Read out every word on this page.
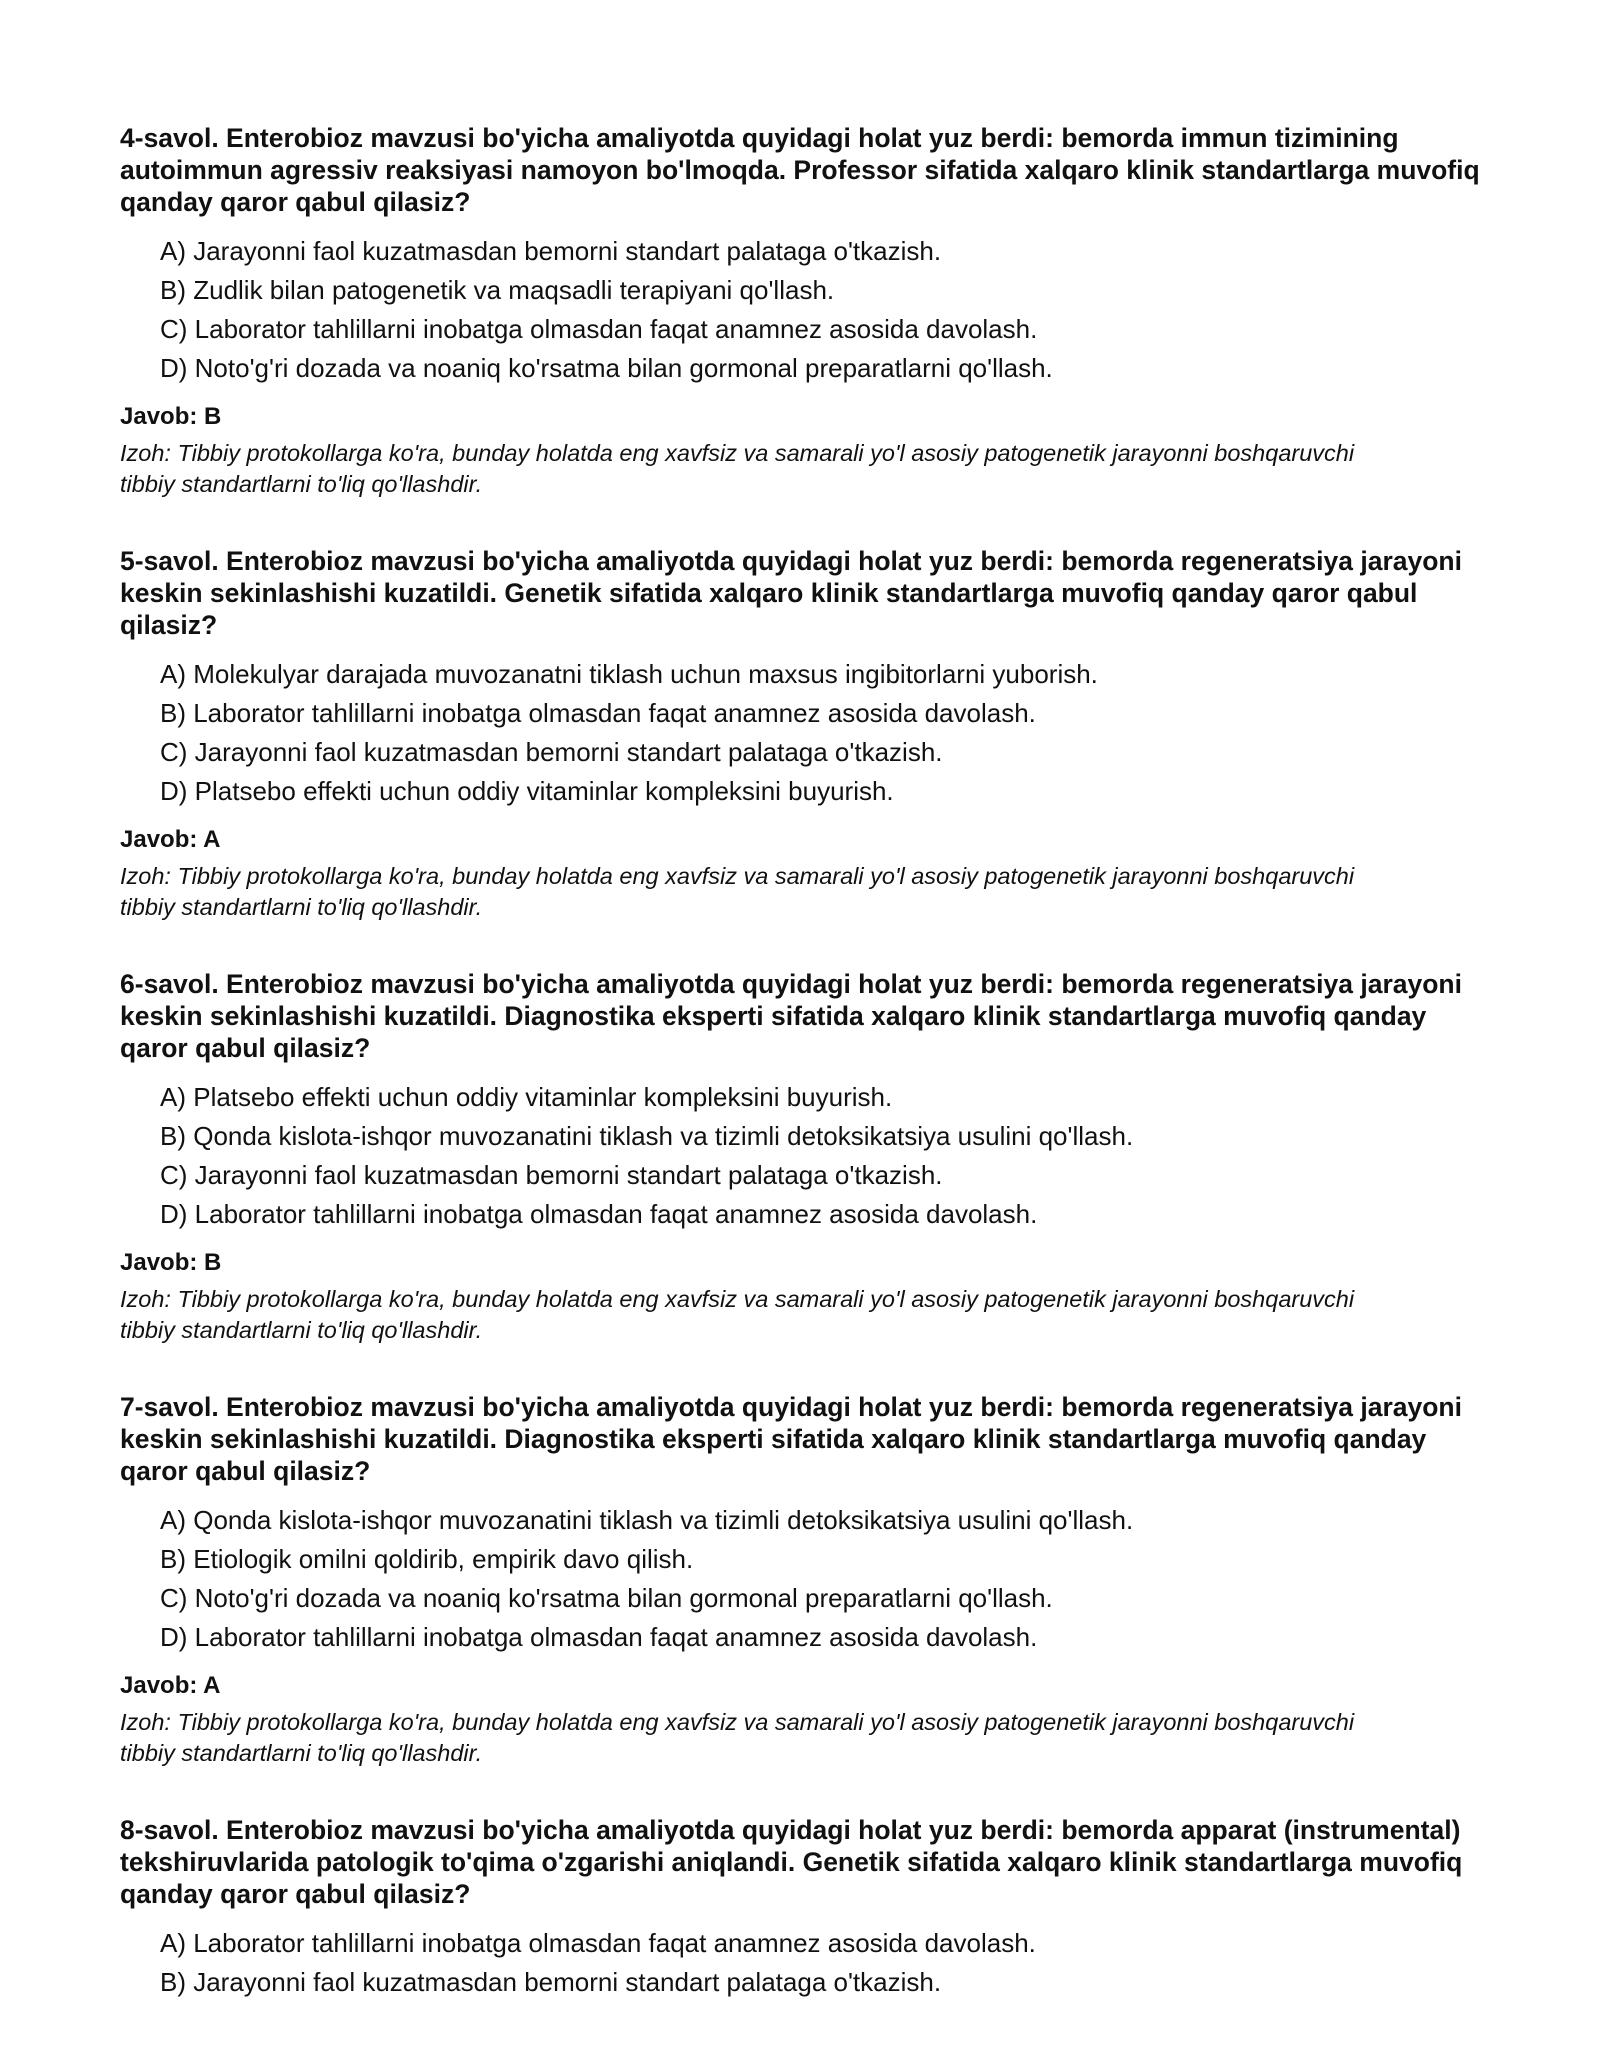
4-savol. Enterobioz mavzusi bo'yicha amaliyotda quyidagi holat yuz berdi: bemorda immun tizimining autoimmun agressiv reaksiyasi namoyon bo'lmoqda. Professor sifatida xalqaro klinik standartlarga muvofiq qanday qaror qabul qilasiz?

A) Jarayonni faol kuzatmasdan bemorni standart palataga o'tkazish.
B) Zudlik bilan patogenetik va maqsadli terapiyani qo'llash.
C) Laborator tahlillarni inobatga olmasdan faqat anamnez asosida davolash.
D) Noto'g'ri dozada va noaniq ko'rsatma bilan gormonal preparatlarni qo'llash.

Javob: B

Izoh: Tibbiy protokollarga ko'ra, bunday holatda eng xavfsiz va samarali yo'l asosiy patogenetik jarayonni boshqaruvchi tibbiy standartlarni to'liq qo'llashdir.

5-savol. Enterobioz mavzusi bo'yicha amaliyotda quyidagi holat yuz berdi: bemorda regeneratsiya jarayoni keskin sekinlashishi kuzatildi. Genetik sifatida xalqaro klinik standartlarga muvofiq qanday qaror qabul qilasiz?

A) Molekulyar darajada muvozanatni tiklash uchun maxsus ingibitorlarni yuborish.
B) Laborator tahlillarni inobatga olmasdan faqat anamnez asosida davolash.
C) Jarayonni faol kuzatmasdan bemorni standart palataga o'tkazish.
D) Platsebo effekti uchun oddiy vitaminlar kompleksini buyurish.

Javob: A

Izoh: Tibbiy protokollarga ko'ra, bunday holatda eng xavfsiz va samarali yo'l asosiy patogenetik jarayonni boshqaruvchi tibbiy standartlarni to'liq qo'llashdir.

6-savol. Enterobioz mavzusi bo'yicha amaliyotda quyidagi holat yuz berdi: bemorda regeneratsiya jarayoni keskin sekinlashishi kuzatildi. Diagnostika eksperti sifatida xalqaro klinik standartlarga muvofiq qanday qaror qabul qilasiz?

A) Platsebo effekti uchun oddiy vitaminlar kompleksini buyurish.
B) Qonda kislota-ishqor muvozanatini tiklash va tizimli detoksikatsiya usulini qo'llash.
C) Jarayonni faol kuzatmasdan bemorni standart palataga o'tkazish.
D) Laborator tahlillarni inobatga olmasdan faqat anamnez asosida davolash.

Javob: B

Izoh: Tibbiy protokollarga ko'ra, bunday holatda eng xavfsiz va samarali yo'l asosiy patogenetik jarayonni boshqaruvchi tibbiy standartlarni to'liq qo'llashdir.

7-savol. Enterobioz mavzusi bo'yicha amaliyotda quyidagi holat yuz berdi: bemorda regeneratsiya jarayoni keskin sekinlashishi kuzatildi. Diagnostika eksperti sifatida xalqaro klinik standartlarga muvofiq qanday qaror qabul qilasiz?

A) Qonda kislota-ishqor muvozanatini tiklash va tizimli detoksikatsiya usulini qo'llash.
B) Etiologik omilni qoldirib, empirik davo qilish.
C) Noto'g'ri dozada va noaniq ko'rsatma bilan gormonal preparatlarni qo'llash.
D) Laborator tahlillarni inobatga olmasdan faqat anamnez asosida davolash.

Javob: A

Izoh: Tibbiy protokollarga ko'ra, bunday holatda eng xavfsiz va samarali yo'l asosiy patogenetik jarayonni boshqaruvchi tibbiy standartlarni to'liq qo'llashdir.

8-savol. Enterobioz mavzusi bo'yicha amaliyotda quyidagi holat yuz berdi: bemorda apparat (instrumental) tekshiruvlarida patologik to'qima o'zgarishi aniqlandi. Genetik sifatida xalqaro klinik standartlarga muvofiq qanday qaror qabul qilasiz?

A) Laborator tahlillarni inobatga olmasdan faqat anamnez asosida davolash.
B) Jarayonni faol kuzatmasdan bemorni standart palataga o'tkazish.
